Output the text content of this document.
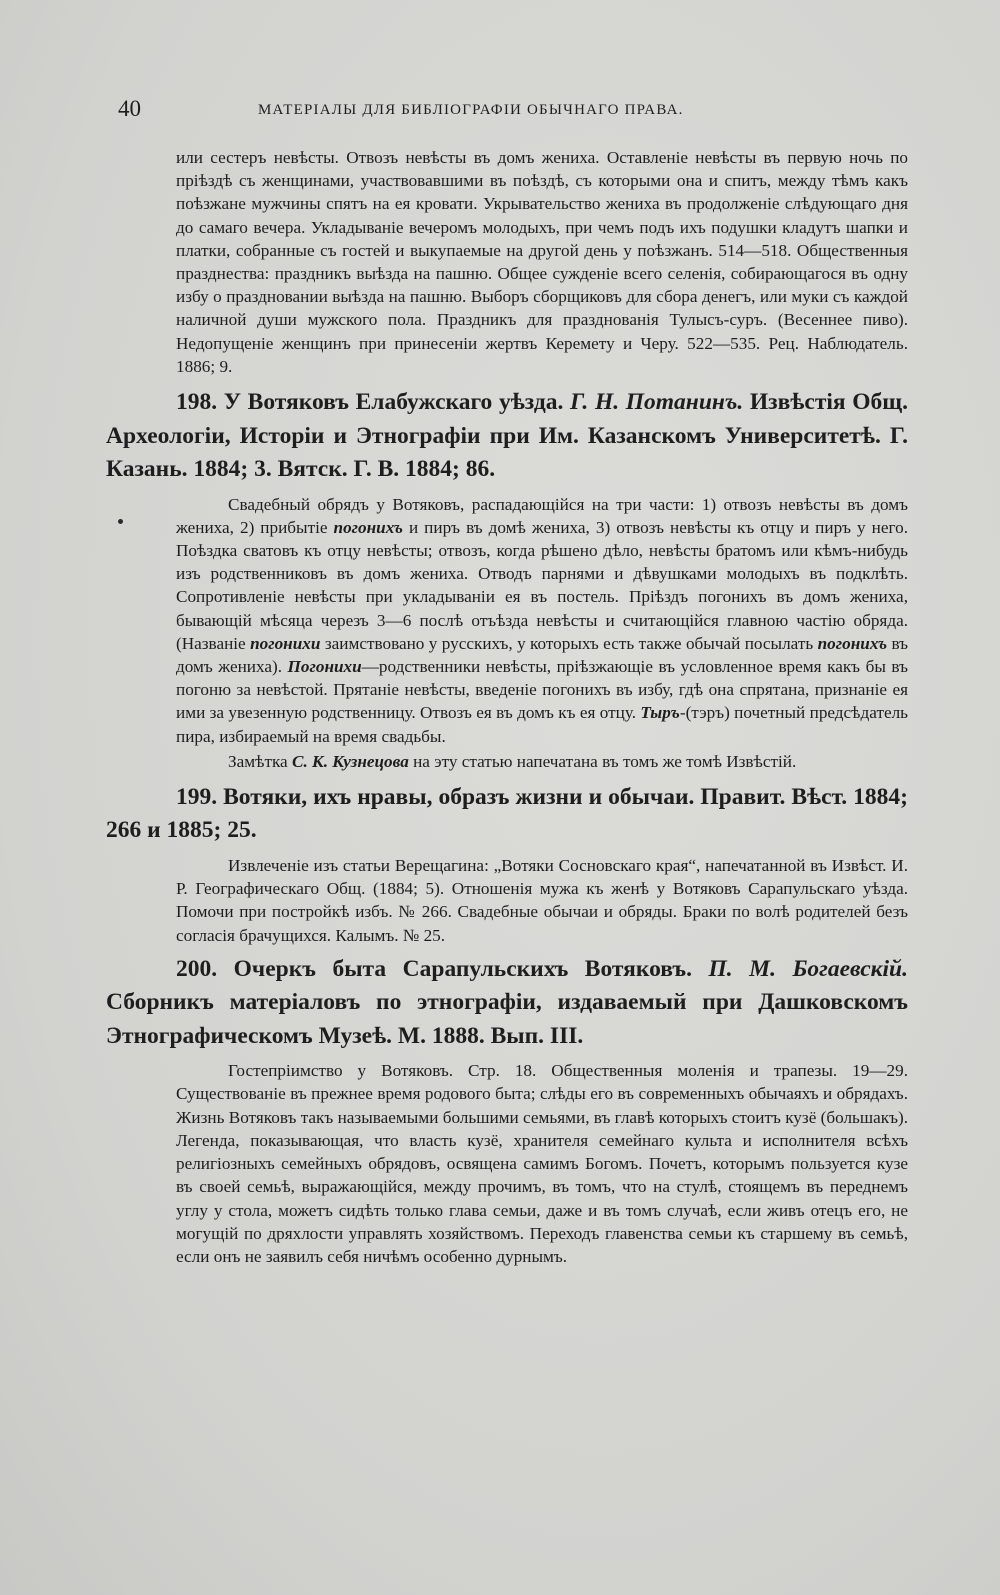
40	МАТЕРІАЛЫ ДЛЯ БИБЛІОГРАФІИ ОБЫЧНАГО ПРАВА.

или сестеръ невѣсты. Отвозъ невѣсты въ домъ жениха. Оставленіе невѣсты въ первую ночь по пріѣздѣ съ женщинами, участвовавшими въ поѣздѣ, съ которыми она и спитъ, между тѣмъ какъ поѣзжане мужчины спятъ на ея кровати. Укрывательство жениха въ продолженіе слѣдующаго дня до самаго вечера. Укладываніе вечеромъ молодыхъ, при чемъ подъ ихъ подушки кладутъ шапки и платки, собранные съ гостей и выкупаемые на другой день у поѣзжанъ. 514—518. Общественныя празднества: праздникъ выѣзда на пашню. Общее сужденіе всего селенія, собирающагося въ одну избу о праздновании выѣзда на пашню. Выборъ сборщиковъ для сбора денегъ, или муки съ каждой наличной души мужского пола. Праздникъ для празднованія Тулысъ-суръ. (Весеннее пиво). Недопущеніе женщинъ при принесеніи жертвъ Керемету и Черу. 522—535. Рец. Наблюдатель. 1886; 9.

198. У Вотяковъ Елабужскаго уѣзда. Г. Н. Потанинъ. Извѣстія Общ. Археологіи, Исторіи и Этнографіи при Им. Казанскомъ Университетѣ. Г. Казань. 1884; 3. Вятск. Г. В. 1884; 86.

Свадебный обрядъ у Вотяковъ, распадающійся на три части: 1) отвозъ невѣсты въ домъ жениха, 2) прибытіе погонихъ и пиръ въ домѣ жениха, 3) отвозъ невѣсты къ отцу и пиръ у него. Поѣздка сватовъ къ отцу невѣсты; отвозъ, когда рѣшено дѣло, невѣсты братомъ или кѣмъ-нибудь изъ родственниковъ въ домъ жениха. Отводъ парнями и дѣвушками молодыхъ въ подклѣть. Сопротивленіе невѣсты при укладываніи ея въ постель. Пріѣздъ погонихъ въ домъ жениха, бывающій мѣсяца черезъ 3—6 послѣ отъѣзда невѣсты и считающійся главною частію обряда. (Названіе погонихи заимствовано у русскихъ, у которыхъ есть также обычай посылать погонихъ въ домъ жениха). Погонихи—родственники невѣсты, пріѣзжающіе въ условленное время какъ бы въ погоню за невѣстой. Прятаніе невѣсты, введеніе погонихъ въ избу, гдѣ она спрятана, признаніе ея ими за увезенную родственницу. Отвозъ ея въ домъ къ ея отцу. Тыръ-(тэръ) почетный предсѣдатель пира, избираемый на время свадьбы.

Замѣтка С. К. Кузнецова на эту статью напечатана въ томъ же томѣ Извѣстій.

199. Вотяки, ихъ нравы, образъ жизни и обычаи. Правит. Вѣст. 1884; 266 и 1885; 25.

Извлеченіе изъ статьи Верещагина: „Вотяки Сосновскаго края“, напечатанной въ Извѣст. И. Р. Географическаго Общ. (1884; 5). Отношенія мужа къ женѣ у Вотяковъ Сарапульскаго уѣзда. Помочи при постройкѣ избъ. № 266. Свадебные обычаи и обряды. Браки по волѣ родителей безъ согласія брачущихся. Калымъ. № 25.

200. Очеркъ быта Сарапульскихъ Вотяковъ. П. М. Богаевскій. Сборникъ матеріаловъ по этнографіи, издаваемый при Дашковскомъ Этнографическомъ Музеѣ. М. 1888. Вып. III.

Гостепріимство у Вотяковъ. Стр. 18. Общественныя моленія и трапезы. 19—29. Существованіе въ прежнее время родового быта; слѣды его въ современныхъ обычаяхъ и обрядахъ. Жизнь Вотяковъ такъ называемыми большими семьями, въ главѣ которыхъ стоитъ кузё (большакъ). Легенда, показывающая, что власть кузё, хранителя семейнаго культа и исполнителя всѣхъ религіозныхъ семейныхъ обрядовъ, освящена самимъ Богомъ. Почетъ, которымъ пользуется кузе въ своей семьѣ, выражающійся, между прочимъ, въ томъ, что на стулѣ, стоящемъ въ переднемъ углу у стола, можетъ сидѣть только глава семьи, даже и въ томъ случаѣ, если живъ отецъ его, не могущій по дряхлости управлять хозяйствомъ. Переходъ главенства семьи къ старшему въ семьѣ, если онъ не заявилъ себя ничѣмъ особенно дурнымъ.
